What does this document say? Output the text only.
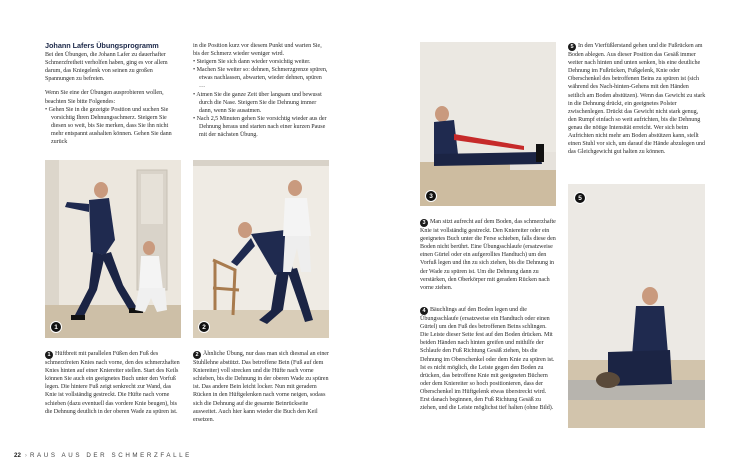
Johann Lafers Übungsprogramm

Bei den Übungen, die Johann Lafer zu dauerhafter Schmerzfreiheit verholfen haben, ging es vor allem darum, das Kniegelenk von seinen zu großen Spannungen zu befreien.

Wenn Sie eine der Übungen ausprobieren wollen, beachten Sie bitte Folgendes:

• Gehen Sie in die gezeigte Position und suchen Sie vorsichtig Ihren Dehnungsschmerz. Steigern Sie diesen so weit, bis Sie merken, dass Sie ihn nicht mehr entspannt aushalten können. Gehen Sie dann zurück

in die Position kurz vor diesem Punkt und warten Sie, bis der Schmerz wieder weniger wird.

• Steigern Sie sich dann wieder vorsichtig weiter.
• Machen Sie weiter so: dehnen, Schmerzgrenze spüren, etwas nachlassen, abwarten, wieder dehnen, spüren …
• Atmen Sie die ganze Zeit über langsam und bewusst durch die Nase. Steigern Sie die Dehnung immer dann, wenn Sie ausatmen.
• Nach 2,5 Minuten gehen Sie vorsichtig wieder aus der Dehnung heraus und starten nach einer kurzen Pause mit der nächsten Übung.
1	2

1 Hüftbreit mit parallelen Füßen den Fuß des schmerzfreien Knies nach vorne, den des schmerzhaften Knies hinten auf einer Kniereiter stellen. Start des Keils können Sie auch ein geeignetes Buch unter den Vorfuß legen. Die hintere Fuß zeigt senkrecht zur Wand, das Knie ist vollständig gestreckt. Die Hüfte nach vorne schieben (dazu eventuell das vordere Knie beugen), bis die Dehnung deutlich in der oberen Wade zu spüren ist.

2 Ähnliche Übung, nur dass man sich diesmal an einer Stuhllehne abstützt. Das betroffene Bein (Fuß auf dem Kniereiter) voll strecken und die Hüfte nach vorne schieben, bis die Dehnung in der oberen Wade zu spüren ist. Das andere Bein leicht locker. Nun mit geradem Rücken in den Hüftgelenken nach vorne neigen, sodass sich die Dehnung auf die gesamte Beinrückseite ausweitet. Auch hier kann wieder die Buch den Keil ersetzen.

3

3 Man sitzt aufrecht auf dem Boden, das schmerzhafte Knie ist vollständig gestreckt. Den Kniereiter oder ein geeignetes Buch unter die Ferse schieben, falls diese den Boden nicht berührt. Eine Übungsschlaufe (ersatzweise einen Gürtel oder ein aufgerolltes Handtuch) um den Vorfuß legen und ihn zu sich ziehen, bis die Dehnung in der Wade zu spüren ist. Um die Dehnung dann zu verstärken, den Oberkörper mit geradem Rücken nach vorne ziehen.

4 Bäuchlings auf den Boden legen und die Übungsschlaufe (ersatzweise ein Handtuch oder einen Gürtel) um den Fuß des betroffenen Beins schlingen. Die Leiste dieser Seite fest auf den Boden drücken. Mit beiden Händen nach hinten greifen und mithilfe der Schlaufe den Fuß Richtung Gesäß ziehen, bis die Dehnung im Oberschenkel oder dem Knie zu spüren ist. Ist es nicht möglich, die Leiste gegen den Boden zu drücken, das betroffene Knie mit geeigneten Büchern oder dem Kniereiter so hoch positionieren, dass der Oberschenkel im Hüftgelenk etwas überstreckt wird. Erst danach beginnen, den Fuß Richtung Gesäß zu ziehen, und die Leiste möglichst tief halten (ohne Bild).

5 In den Vierfüßlerstand gehen und die Fußrücken am Boden ablegen. Aus dieser Position das Gesäß immer weiter nach hinten und unten senken, bis eine deutliche Dehnung im Fußrücken, Fußgelenk, Knie oder Oberschenkel des betroffenen Beins zu spüren ist (sich während des Nach-hinten-Gehens mit den Händen seitlich am Boden abstützen). Wenn das Gewicht zu stark in die Dehnung drückt, ein geeignetes Polster zwischenlegen. Drückt das Gewicht nicht stark genug, den Rumpf einfach so weit aufrichten, bis die Dehnung genau die nötige Intensität erreicht. Wer sich beim Aufrichten nicht mehr am Boden abstützen kann, stellt einen Stuhl vor sich, um darauf die Hände abzulegen und das Gleichgewicht gut halten zu können.

5
22 › RAUS AUS DER SCHMERZFALLE
